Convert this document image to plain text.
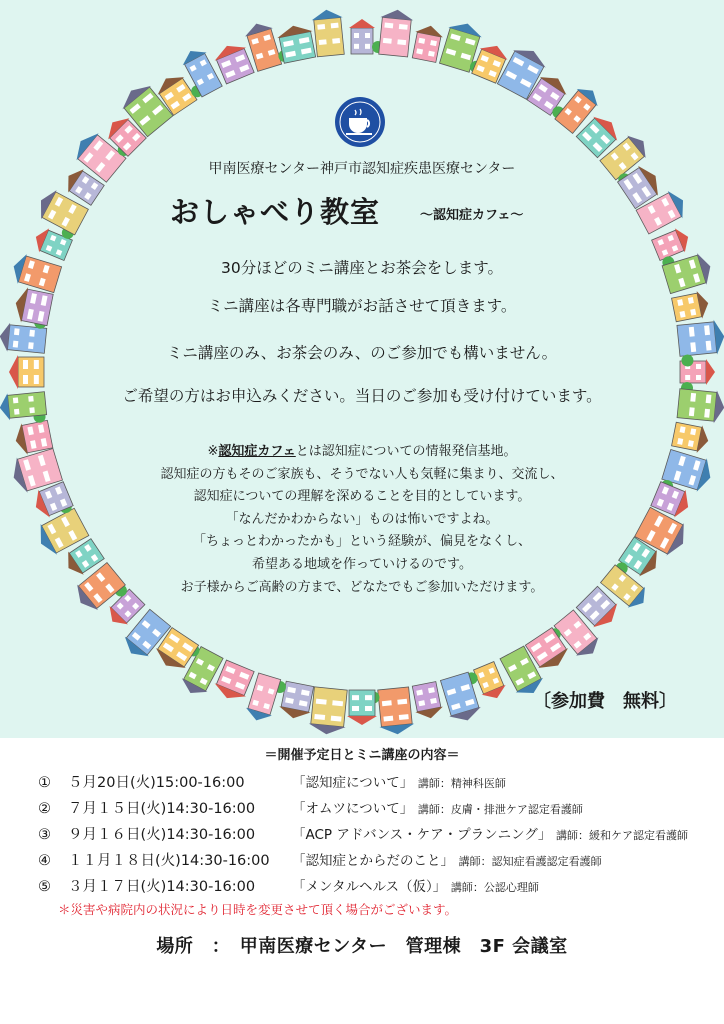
甲南医療センター神戸市認知症疾患医療センター
おしゃべり教室	～認知症カフェ～
30分ほどのミニ講座とお茶会をします。
ミニ講座は各専門職がお話させて頂きます。
ミニ講座のみ、お茶会のみ、のご参加でも構いません。
ご希望の方はお申込みください。当日のご参加も受け付けています。
※認知症カフェとは認知症についての情報発信基地。
認知症の方もそのご家族も、そうでない人も気軽に集まり、交流し、
認知症についての理解を深めることを目的としています。
「なんだかわからない」ものは怖いですよね。
「ちょっとわかったかも」という経験が、偏見をなくし、
希望ある地域を作っていけるのです。
お子様からご高齢の方まで、どなたでもご参加いただけます。
〔参加費　無料〕
＝開催予定日とミニ講座の内容＝
① ５月20日(火)15:00-16:00	「認知症について」 講師：精神科医師
② ７月１５日(火)14:30-16:00	「オムツについて」 講師：皮膚・排泄ケア認定看護師
③ ９月１６日(火)14:30-16:00	「ACP アドバンス・ケア・プランニング」 講師：緩和ケア認定看護師
④ １１月１８日(火)14:30-16:00 「認知症とからだのこと」 講師：認知症看護認定看護師
⑤ ３月１７日(火)14:30-16:00	「メンタルヘルス（仮）」 講師：公認心理師
＊災害や病院内の状況により日時を変更させて頂く場合がございます。
場所　：　甲南医療センター　管理棟　3F 会議室
